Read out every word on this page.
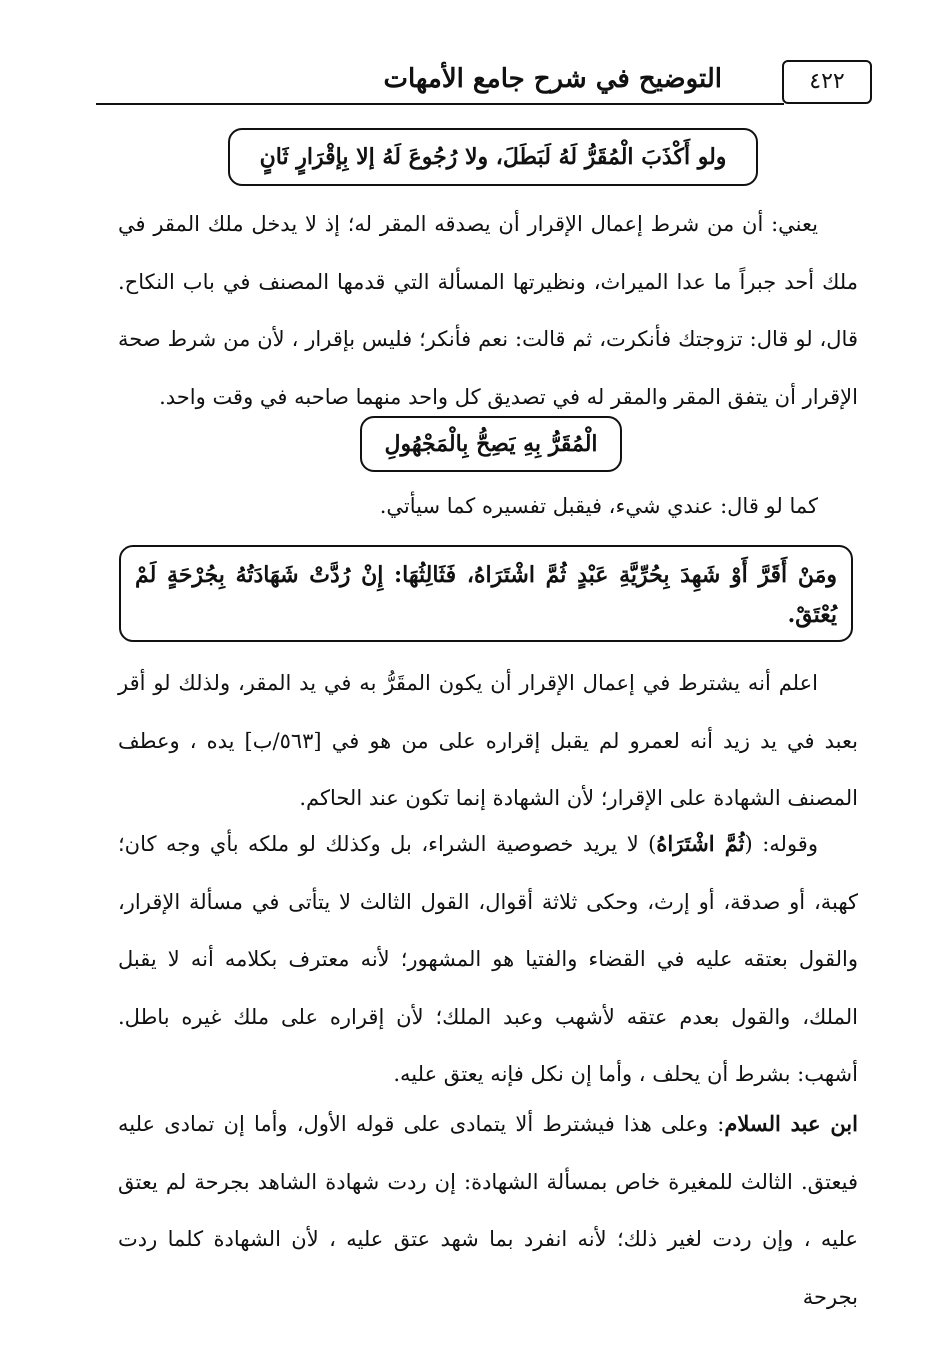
٤٢٢
التوضيح في شرح جامع الأمهات
ولو أَكْذَبَ الْمُقَرُّ لَهُ لَبَطَلَ، ولا رُجُوعَ لَهُ إلا بِإقْرَارٍ ثَانٍ

يعني: أن من شرط إعمال الإقرار أن يصدقه المقر له؛ إذ لا يدخل ملك المقر في ملك أحد جبراً ما عدا الميراث، ونظيرتها المسألة التي قدمها المصنف في باب النكاح. قال، لو قال: تزوجتك فأنكرت، ثم قالت: نعم فأنكر؛ فليس بإقرار ، لأن من شرط صحة الإقرار أن يتفق المقر والمقر له في تصديق كل واحد منهما صاحبه في وقت واحد.

الْمُقَرُّ بِهِ يَصِحُّ بِالْمَجْهُولِ

كما لو قال: عندي شيء، فيقبل تفسيره كما سيأتي.

ومَنْ أَقَرَّ أَوْ شَهِدَ بِحُرِّيَّةِ عَبْدٍ ثُمَّ اشْتَرَاهُ، فَثَالِثُهَا: إِنْ رُدَّتْ شَهَادَتُهُ بِجُرْحَةٍ لَمْ يُعْتَقْ.

اعلم أنه يشترط في إعمال الإقرار أن يكون المقَرُّ به في يد المقر، ولذلك لو أقر بعبد في يد زيد أنه لعمرو لم يقبل إقراره على من هو في [٥٦٣/ب] يده ، وعطف المصنف الشهادة على الإقرار؛ لأن الشهادة إنما تكون عند الحاكم.

وقوله: (ثُمَّ اشْتَرَاهُ) لا يريد خصوصية الشراء، بل وكذلك لو ملكه بأي وجه كان؛ كهبة، أو صدقة، أو إرث، وحكى ثلاثة أقوال، القول الثالث لا يتأتى في مسألة الإقرار، والقول بعتقه عليه في القضاء والفتيا هو المشهور؛ لأنه معترف بكلامه أنه لا يقبل الملك، والقول بعدم عتقه لأشهب وعبد الملك؛ لأن إقراره على ملك غيره باطل. أشهب: بشرط أن يحلف ، وأما إن نكل فإنه يعتق عليه.

ابن عبد السلام: وعلى هذا فيشترط ألا يتمادى على قوله الأول، وأما إن تمادى عليه فيعتق. الثالث للمغيرة خاص بمسألة الشهادة: إن ردت شهادة الشاهد بجرحة لم يعتق عليه ، وإن ردت لغير ذلك؛ لأنه انفرد بما شهد عتق عليه ، لأن الشهادة كلما ردت بجرحة
